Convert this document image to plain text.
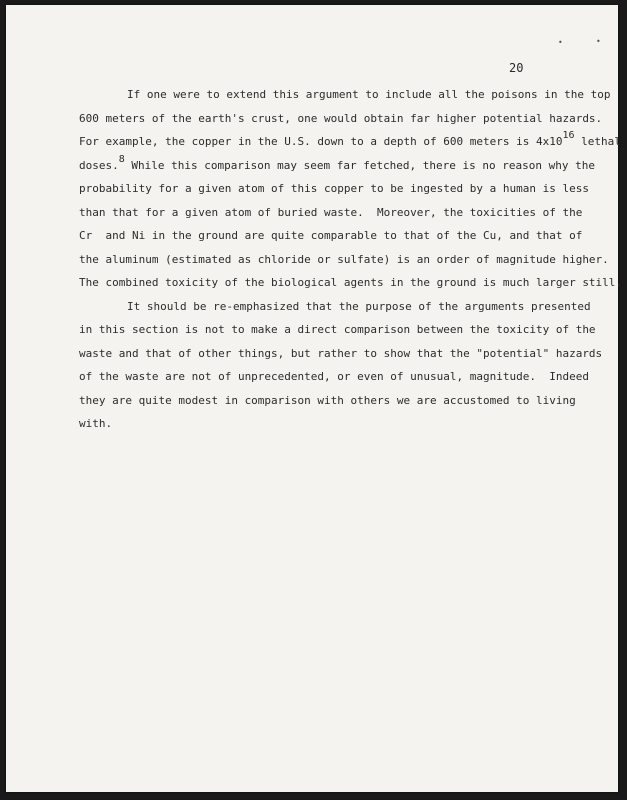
•	•

20

If one were to extend this argument to include all the poisons in the top
600 meters of the earth's crust, one would obtain far higher potential hazards.
For example, the copper in the U.S. down to a depth of 600 meters is $4x10^{16}$ lethal
doses.$^8$ While this comparison may seem far fetched, there is no reason why the
probability for a given atom of this copper to be ingested by a human is less
than that for a given atom of buried waste.  Moreover, the toxicities of the
Cr  and Ni in the ground are quite comparable to that of the Cu, and that of
the aluminum (estimated as chloride or sulfate) is an order of magnitude higher.
The combined toxicity of the biological agents in the ground is much larger still.
It should be re-emphasized that the purpose of the arguments presented
in this section is not to make a direct comparison between the toxicity of the
waste and that of other things, but rather to show that the "potential" hazards
of the waste are not of unprecedented, or even of unusual, magnitude.  Indeed
they are quite modest in comparison with others we are accustomed to living
with.
